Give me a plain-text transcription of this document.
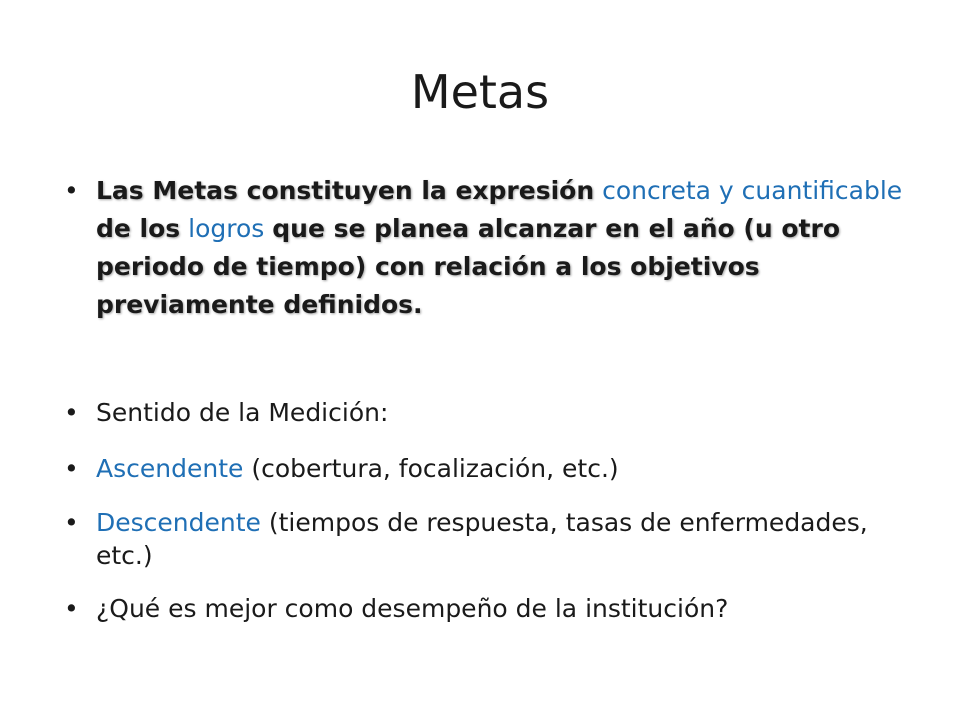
Metas
• Las Metas constituyen la expresión concreta y cuantificable de los logros que se planea alcanzar en el año (u otro periodo de tiempo) con relación a los objetivos previamente definidos.
• Sentido de la Medición:
• Ascendente (cobertura, focalización, etc.)
• Descendente (tiempos de respuesta, tasas de enfermedades, etc.)
• ¿Qué es mejor como desempeño de la institución?
